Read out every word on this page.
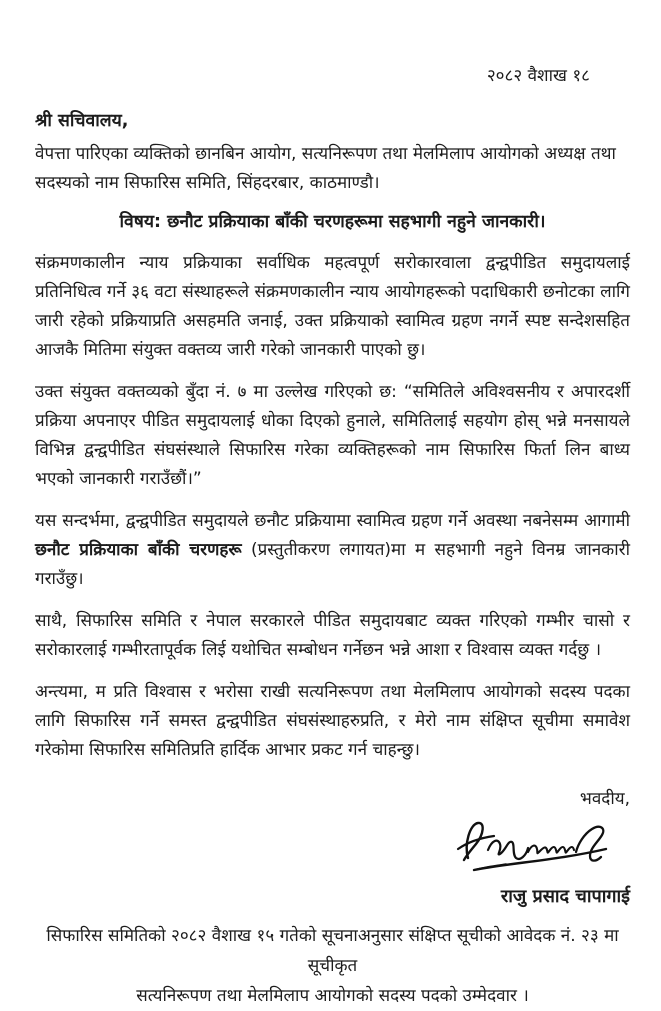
२०८२ वैशाख १८
श्री सचिवालय,
वेपत्ता पारिएका व्यक्तिको छानबिन आयोग, सत्यनिरूपण तथा मेलमिलाप आयोगको अध्यक्ष तथा सदस्यको नाम सिफारिस समिति, सिंहदरबार, काठमाण्डौ।
विषय: छनौट प्रक्रियाका बाँकी चरणहरूमा सहभागी नहुने जानकारी।
संक्रमणकालीन न्याय प्रक्रियाका सर्वाधिक महत्वपूर्ण सरोकारवाला द्वन्द्वपीडित समुदायलाई प्रतिनिधित्व गर्ने ३६ वटा संस्थाहरूले संक्रमणकालीन न्याय आयोगहरूको पदाधिकारी छनोटका लागि जारी रहेको प्रक्रियाप्रति असहमति जनाई, उक्त प्रक्रियाको स्वामित्व ग्रहण नगर्ने स्पष्ट सन्देशसहित आजकै मितिमा संयुक्त वक्तव्य जारी गरेको जानकारी पाएको छु।
उक्त संयुक्त वक्तव्यको बुँदा नं. ७ मा उल्लेख गरिएको छ: “समितिले अविश्वसनीय र अपारदर्शी प्रक्रिया अपनाएर पीडित समुदायलाई धोका दिएको हुनाले, समितिलाई सहयोग होस् भन्ने मनसायले विभिन्न द्वन्द्वपीडित संघसंस्थाले सिफारिस गरेका व्यक्तिहरूको नाम सिफारिस फिर्ता लिन बाध्य भएको जानकारी गराउँछौं।”
यस सन्दर्भमा, द्वन्द्वपीडित समुदायले छनौट प्रक्रियामा स्वामित्व ग्रहण गर्ने अवस्था नबनेसम्म आगामी छनौट प्रक्रियाका बाँकी चरणहरू (प्रस्तुतीकरण लगायत)मा म सहभागी नहुने विनम्र जानकारी गराउँछु।
साथै, सिफारिस समिति र नेपाल सरकारले पीडित समुदायबाट व्यक्त गरिएको गम्भीर चासो र सरोकारलाई गम्भीरतापूर्वक लिई यथोचित सम्बोधन गर्नेछन भन्ने आशा र विश्वास व्यक्त गर्दछु ।
अन्त्यमा, म प्रति विश्वास र भरोसा राखी सत्यनिरूपण तथा मेलमिलाप आयोगको सदस्य पदका लागि सिफारिस गर्ने समस्त द्वन्द्वपीडित संघसंस्थाहरुप्रति, र मेरो नाम संक्षिप्त सूचीमा समावेश गरेकोमा सिफारिस समितिप्रति हार्दिक आभार प्रकट गर्न चाहन्छु।
भवदीय,
राजु प्रसाद चापागाई
सिफारिस समितिको २०८२ वैशाख १५ गतेको सूचनाअनुसार संक्षिप्त सूचीको आवेदक नं. २३ मा सूचीकृत
सत्यनिरूपण तथा मेलमिलाप आयोगको सदस्य पदको उम्मेदवार ।
